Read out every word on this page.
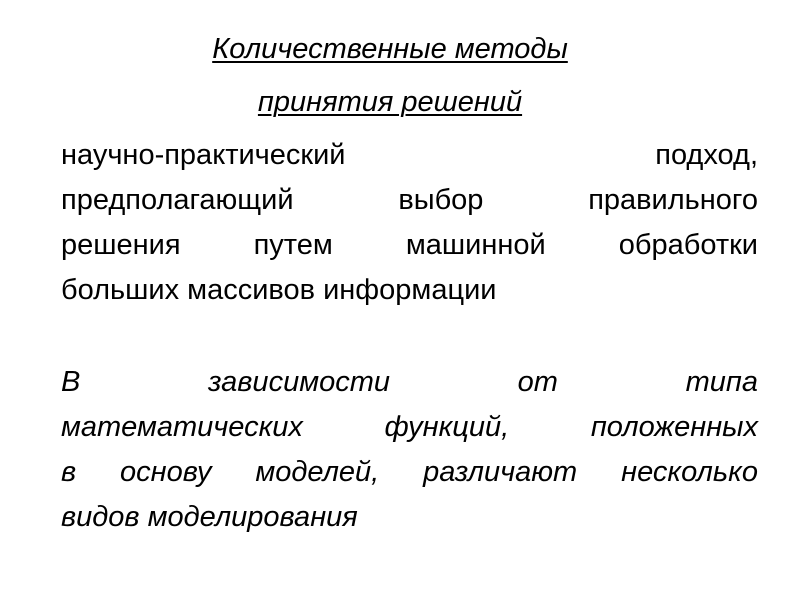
Количественные методы
принятия решений
научно-практический подход,
предполагающий выбор правильного
решения путем машинной обработки
больших массивов информации
В зависимости от типа
математических функций, положенных
в основу моделей, различают несколько
видов моделирования
